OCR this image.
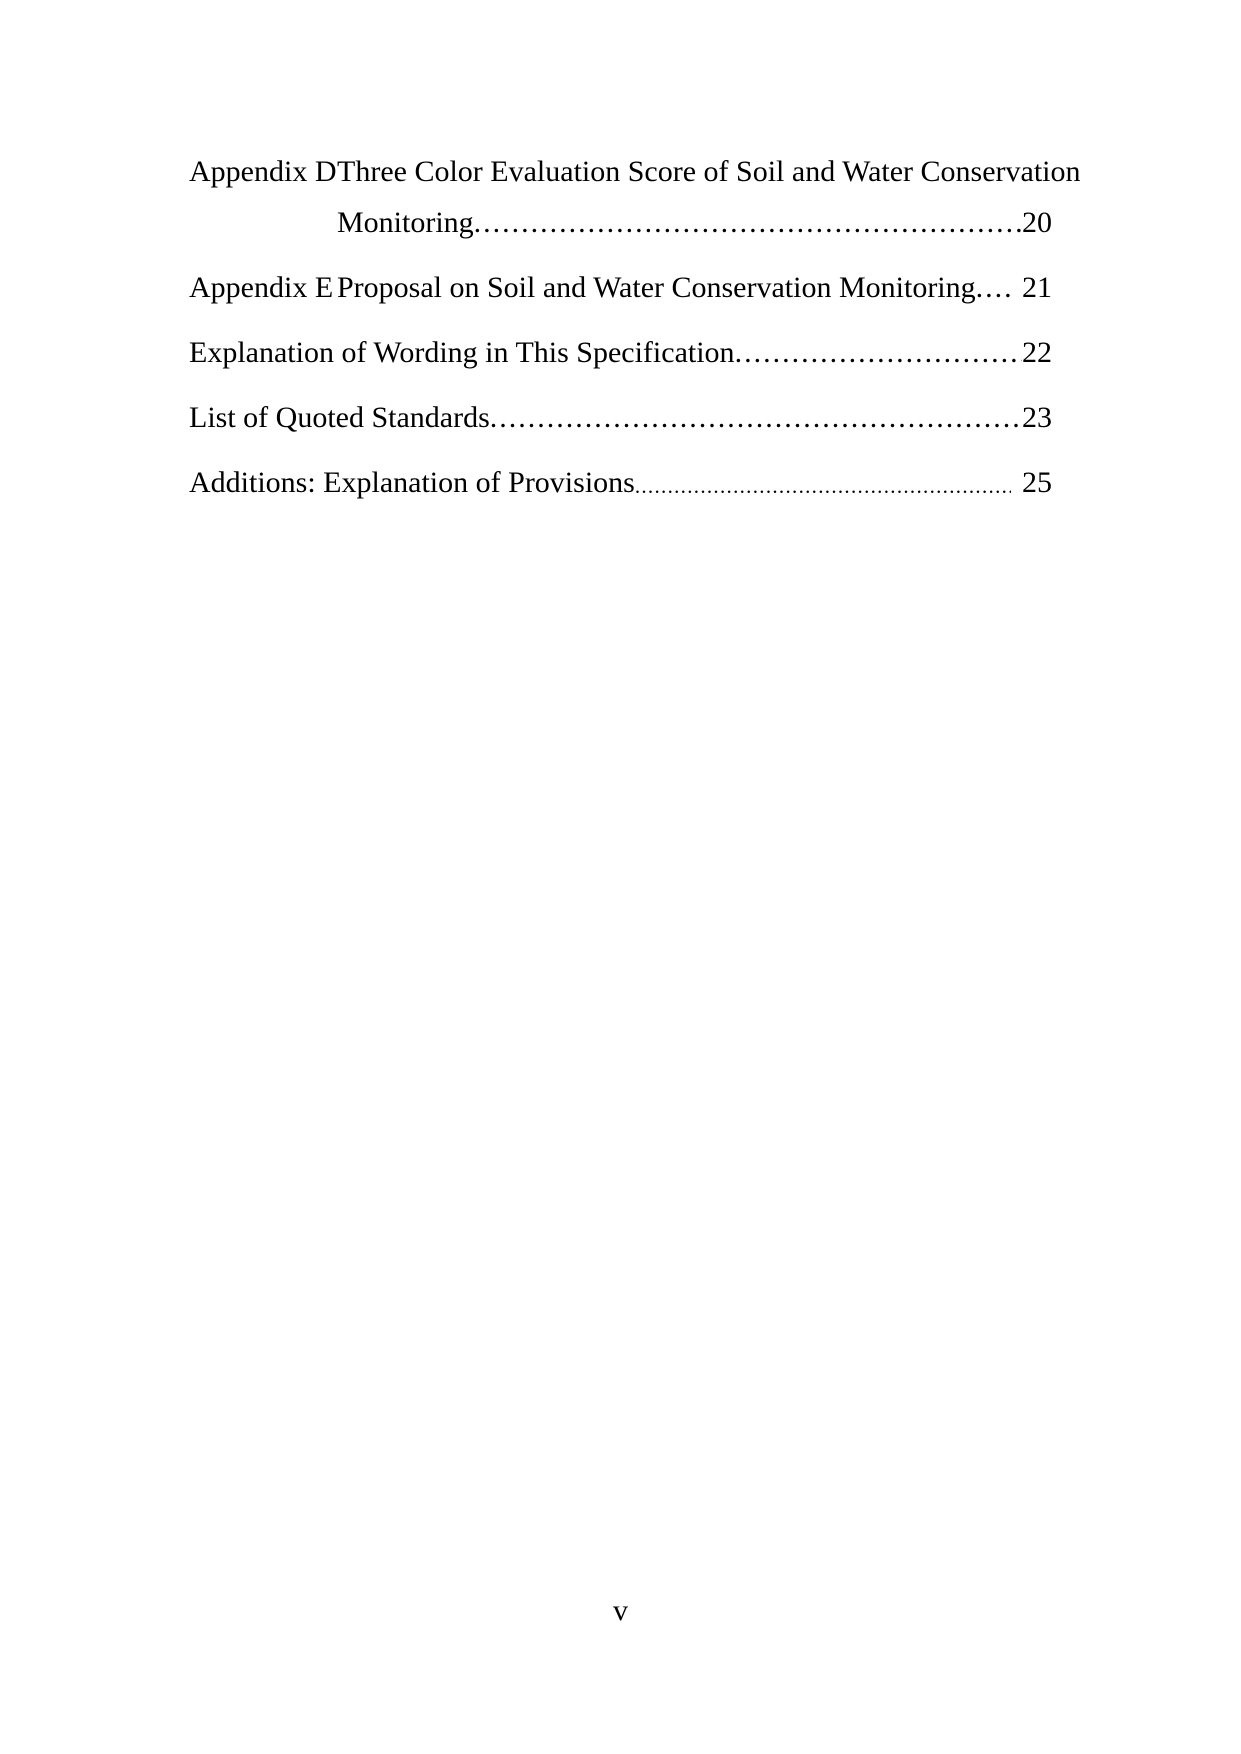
Appendix D Three Color Evaluation Score of Soil and Water Conservation

Monitoring .....	20

Appendix E Proposal on Soil and Water Conservation Monitoring .....	21

Explanation of Wording in This Specification .....	22

List of Quoted Standards .....	23

Additions: Explanation of Provisions .....	25

v
